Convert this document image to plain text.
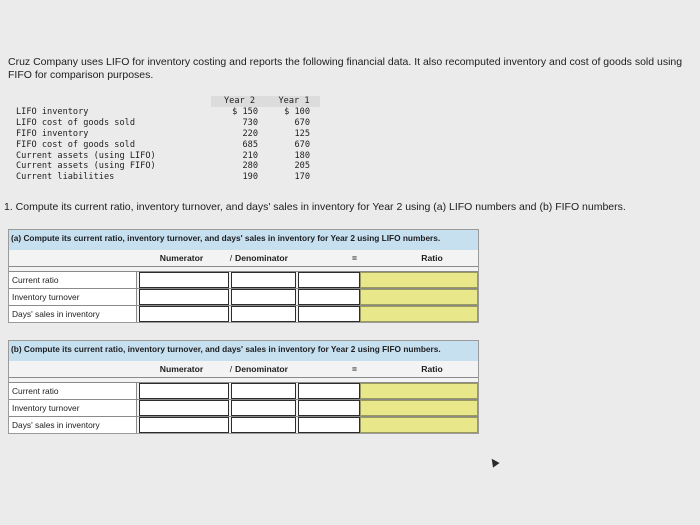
Cruz Company uses LIFO for inventory costing and reports the following financial data. It also recomputed inventory and cost of goods sold using FIFO for comparison purposes.
	Year 2	Year 1
LIFO inventory	$ 150	$ 100
LIFO cost of goods sold	730	670
FIFO inventory	220	125
FIFO cost of goods sold	685	670
Current assets (using LIFO)	210	180
Current assets (using FIFO)	280	205
Current liabilities	190	170
1. Compute its current ratio, inventory turnover, and days' sales in inventory for Year 2 using (a) LIFO numbers and (b) FIFO numbers.
(a) Compute its current ratio, inventory turnover, and days' sales in inventory for Year 2 using LIFO numbers.
Numerator	/ Denominator	=	Ratio
Current ratio
Inventory turnover
Days' sales in inventory
(b) Compute its current ratio, inventory turnover, and days' sales in inventory for Year 2 using FIFO numbers.
Numerator	/ Denominator	=	Ratio
Current ratio
Inventory turnover
Days' sales in inventory
